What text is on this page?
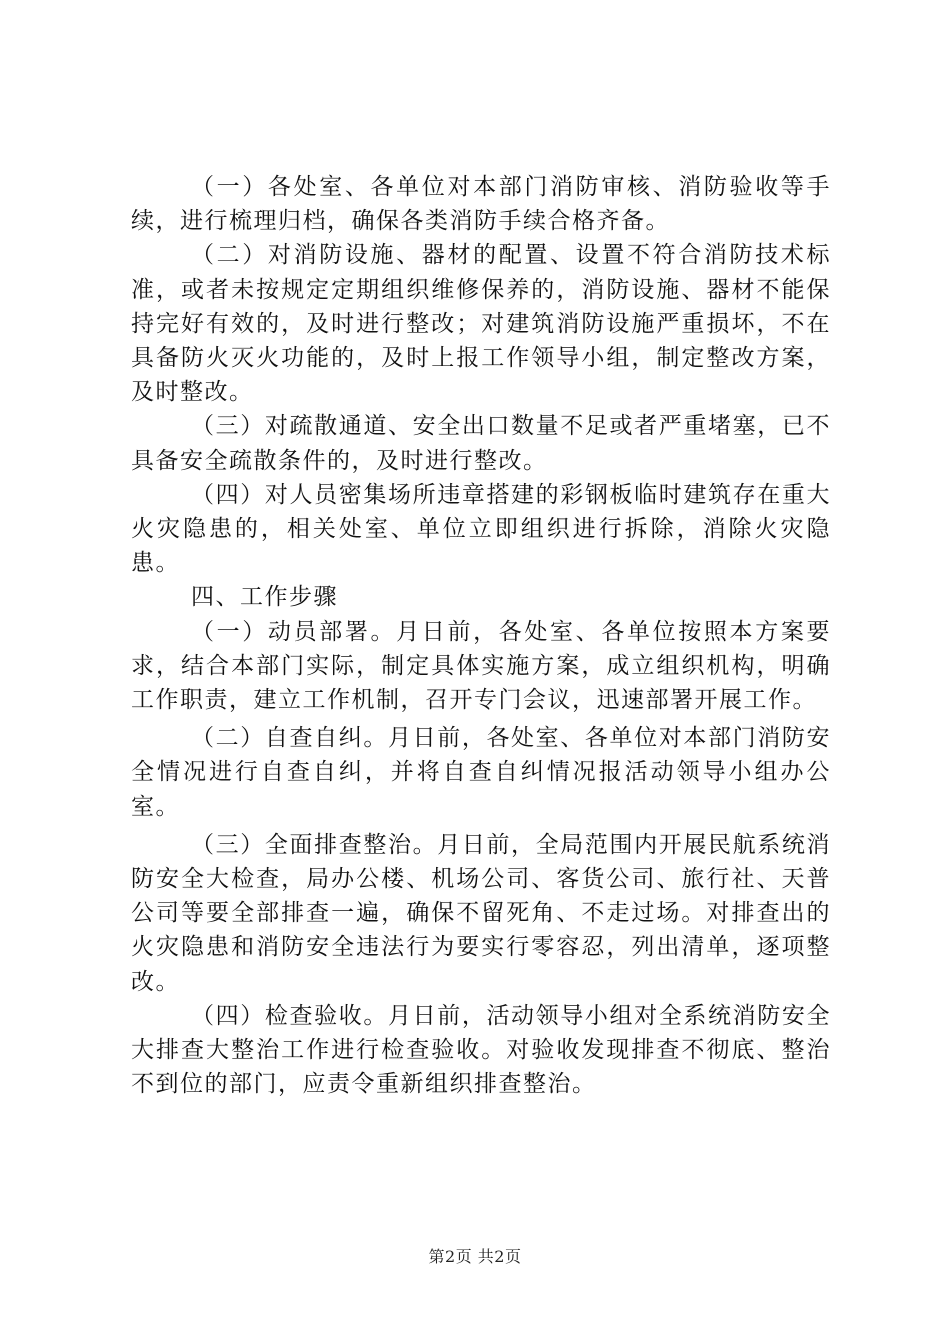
（一）各处室、各单位对本部门消防审核、消防验收等手续，进行梳理归档，确保各类消防手续合格齐备。

（二）对消防设施、器材的配置、设置不符合消防技术标准，或者未按规定定期组织维修保养的，消防设施、器材不能保持完好有效的，及时进行整改；对建筑消防设施严重损坏，不在具备防火灭火功能的，及时上报工作领导小组，制定整改方案，及时整改。

（三）对疏散通道、安全出口数量不足或者严重堵塞，已不具备安全疏散条件的，及时进行整改。

（四）对人员密集场所违章搭建的彩钢板临时建筑存在重大火灾隐患的，相关处室、单位立即组织进行拆除，消除火灾隐患。

四、工作步骤

（一）动员部署。月日前，各处室、各单位按照本方案要求，结合本部门实际，制定具体实施方案，成立组织机构，明确工作职责，建立工作机制，召开专门会议，迅速部署开展工作。

（二）自查自纠。月日前，各处室、各单位对本部门消防安全情况进行自查自纠，并将自查自纠情况报活动领导小组办公室。

（三）全面排查整治。月日前，全局范围内开展民航系统消防安全大检查，局办公楼、机场公司、客货公司、旅行社、天普公司等要全部排查一遍，确保不留死角、不走过场。对排查出的火灾隐患和消防安全违法行为要实行零容忍，列出清单，逐项整改。

（四）检查验收。月日前，活动领导小组对全系统消防安全大排查大整治工作进行检查验收。对验收发现排查不彻底、整治不到位的部门，应责令重新组织排查整治。

第2页 共2页
